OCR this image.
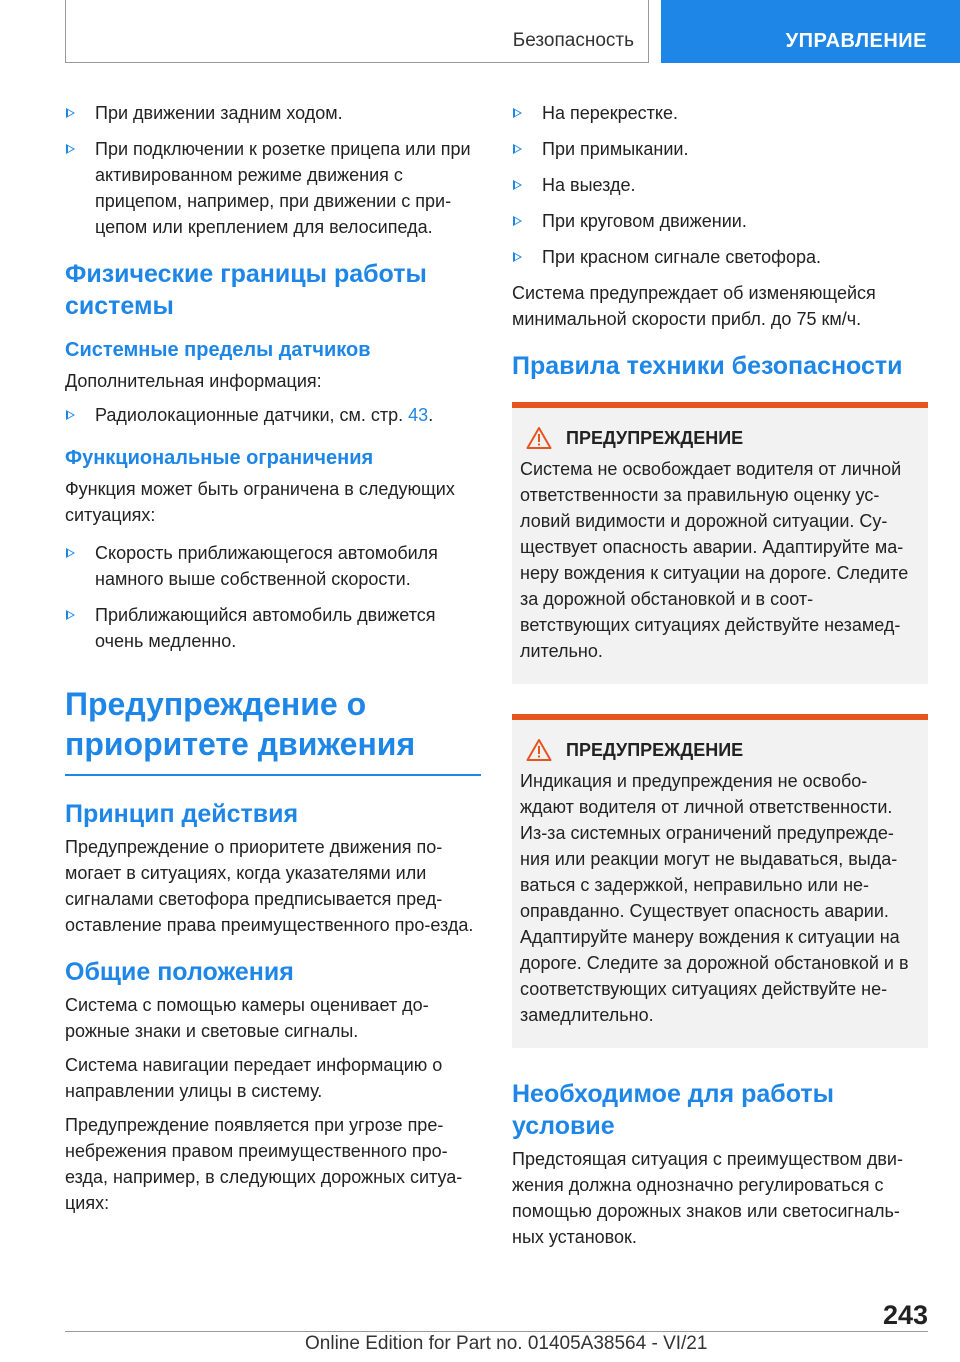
Безопасность	УПРАВЛЕНИЕ
При движении задним ходом.
При подключении к розетке прицепа или при активированном режиме движения с прицепом, например, при движении с при-цепом или креплением для велосипеда.
Физические границы работы системы
Системные пределы датчиков

Дополнительная информация:

Радиолокационные датчики, см. стр. 43.
Функциональные ограничения

Функция может быть ограничена в следующих ситуациях:

Скорость приближающегося автомобиля намного выше собственной скорости.
Приближающийся автомобиль движется очень медленно.
Предупреждение о приоритете движения
Принцип действия

Предупреждение о приоритете движения по-могает в ситуациях, когда указателями или сигналами светофора предписывается пред-оставление права преимущественного про-езда.

Общие положения

Система с помощью камеры оценивает до-рожные знаки и световые сигналы.

Система навигации передает информацию о направлении улицы в систему.

Предупреждение появляется при угрозе пре-небрежения правом преимущественного про-езда, например, в следующих дорожных ситуа-циях:

На перекрестке.
При примыкании.
На выезде.
При круговом движении.
При красном сигнале светофора.

Система предупреждает об изменяющейся минимальной скорости прибл. до 75 км/ч.

Правила техники безопасности
ПРЕДУПРЕЖДЕНИЕ
Система не освобождает водителя от личной ответственности за правильную оценку ус-ловий видимости и дорожной ситуации. Су-ществует опасность аварии. Адаптируйте ма-неру вождения к ситуации на дороге. Следите за дорожной обстановкой и в соот-ветствующих ситуациях действуйте незамед-лительно.
ПРЕДУПРЕЖДЕНИЕ
Индикация и предупреждения не освобо-ждают водителя от личной ответственности. Из-за системных ограничений предупрежде-ния или реакции могут не выдаваться, выда-ваться с задержкой, неправильно или не-оправданно. Существует опасность аварии. Адаптируйте манеру вождения к ситуации на дороге. Следите за дорожной обстановкой и в соответствующих ситуациях действуйте не-замедлительно.
Необходимое для работы условие

Предстоящая ситуация с преимуществом дви-жения должна однозначно регулироваться с помощью дорожных знаков или светосигналь-ных установок.

243
Online Edition for Part no. 01405A38564 - VI/21
